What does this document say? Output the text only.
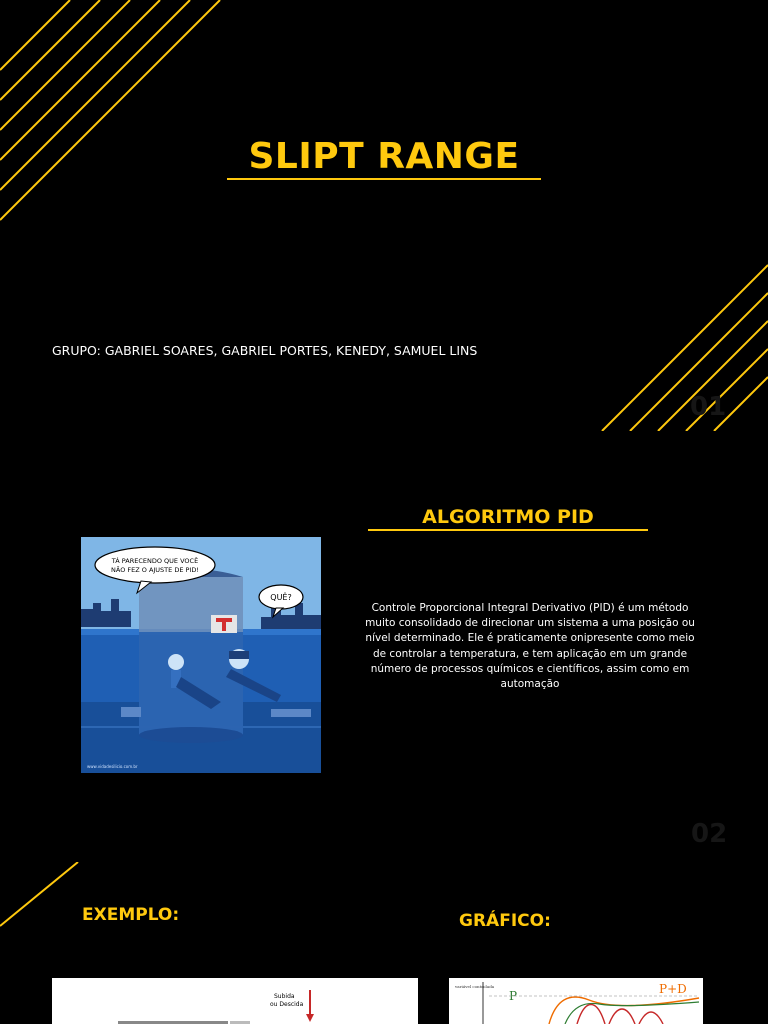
SLIPT RANGE
GRUPO: GABRIEL SOARES, GABRIEL PORTES, KENEDY, SAMUEL LINS
01
ALGORITMO PID
TÁ PARECENDO QUE VOCÊ
NÃO FEZ O AJUSTE DE PID!
QUÊ?
www.vidadesilicio.com.br
Controle Proporcional Integral Derivativo (PID) é um método muito consolidado de direcionar um sistema a uma posição ou nível determinado. Ele é praticamente onipresente como meio de controlar a temperatura, e tem aplicação em um grande número de processos químicos e científicos, assim como em automação
02
EXEMPLO:	GRÁFICO:
Subida
ou Descida
variável controlada
P	P+D
